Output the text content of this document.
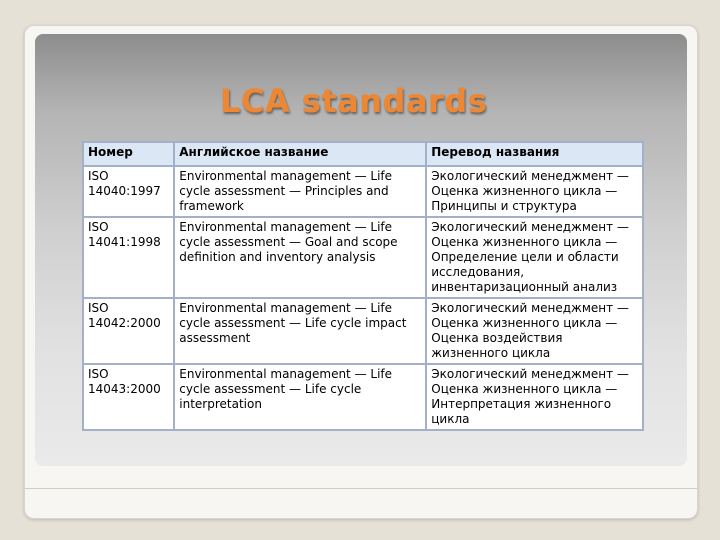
LCA standards
Номер	Английское название	Перевод названия
ISO 14040:1997	Environmental management — Life cycle assessment — Principles and framework	Экологический менеджмент — Оценка жизненного цикла — Принципы и структура
ISO 14041:1998	Environmental management — Life cycle assessment — Goal and scope definition and inventory analysis	Экологический менеджмент — Оценка жизненного цикла — Определение цели и области исследования, инвентаризационный анализ
ISO 14042:2000	Environmental management — Life cycle assessment — Life cycle impact assessment	Экологический менеджмент — Оценка жизненного цикла — Оценка воздействия жизненного цикла
ISO 14043:2000	Environmental management — Life cycle assessment — Life cycle interpretation	Экологический менеджмент — Оценка жизненного цикла — Интерпретация жизненного цикла
